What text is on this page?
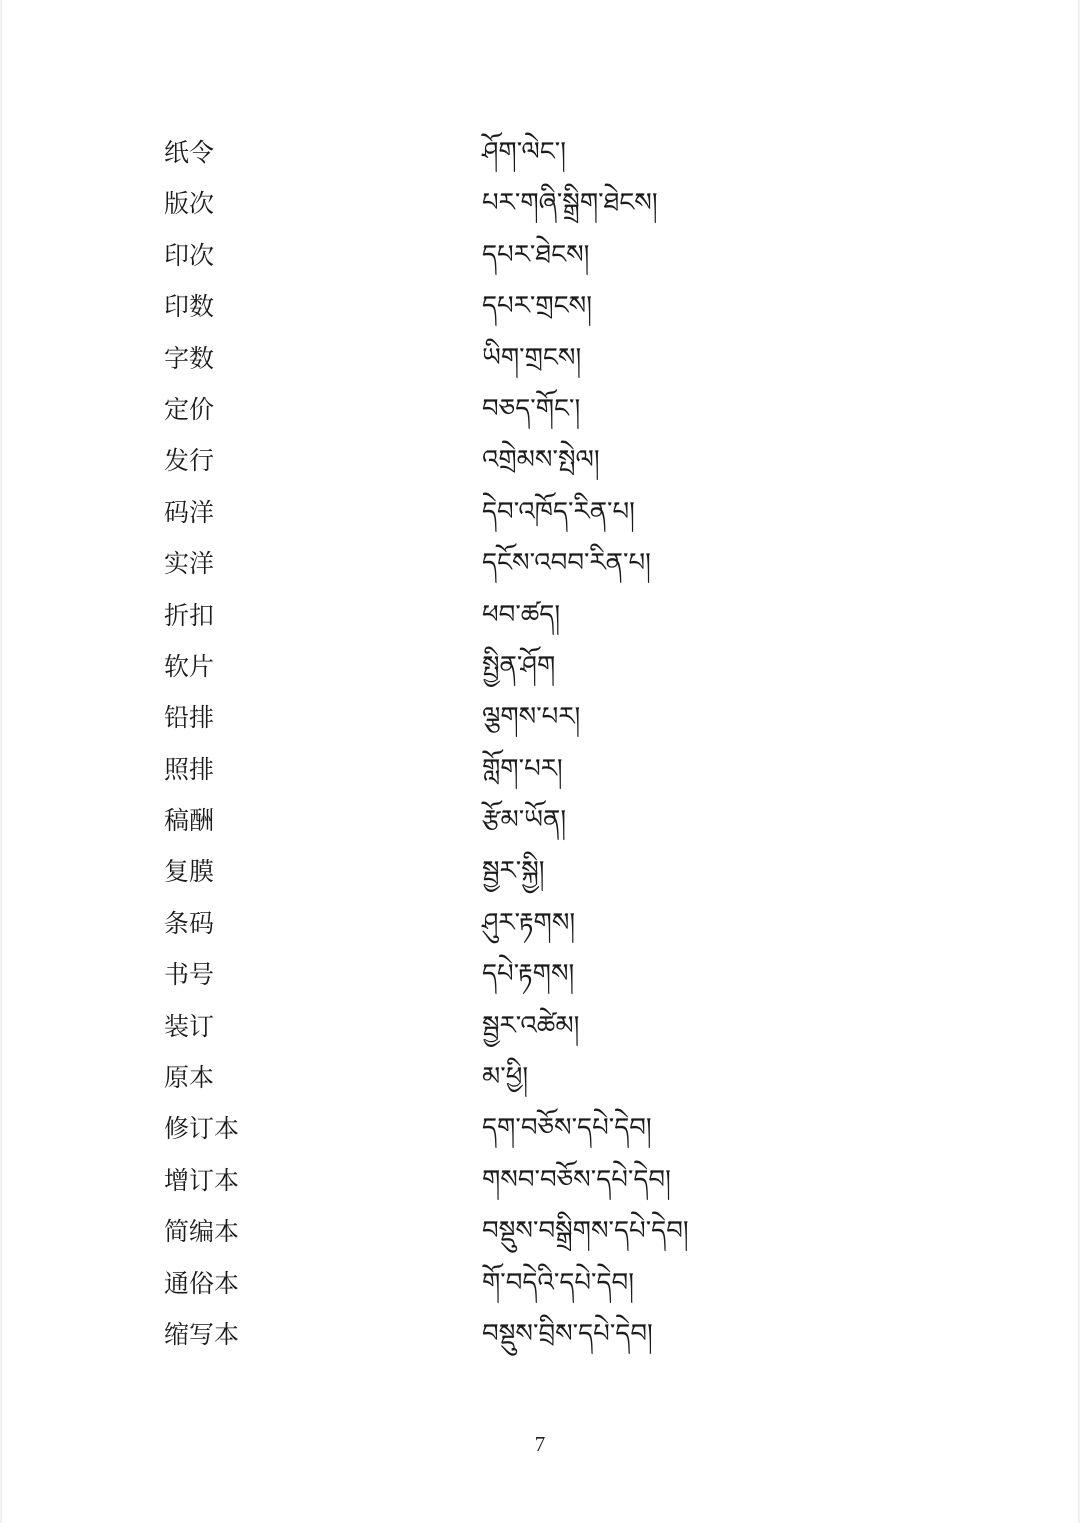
纸令	ཤོག་ལེང་།
版次	པར་གཞི་སྒྲིག་ཐེངས།
印次	དཔར་ཐེངས།
印数	དཔར་གྲངས།
字数	ཡིག་གྲངས།
定价	བཅད་གོང་།
发行	འགྲེམས་སྤེལ།
码洋	དེབ་འཁོད་རིན་པ།
实洋	དངོས་འབབ་རིན་པ།
折扣	ཕབ་ཚད།
软片	སྤྱིན་ཤོག
铅排	ལྕགས་པར།
照排	གློག་པར།
稿酬	རྩོམ་ཡོན།
复膜	སྦྱར་སྐྱི།
条码	ཤུར་རྟགས།
书号	དཔེ་རྟགས།
装订	སྦྱར་འཚེམ།
原本	མ་ཕྱི།
修订本	དག་བཅོས་དཔེ་དེབ།
增订本	གསབ་བཅོས་དཔེ་དེབ།
简编本	བསྡུས་བསྒྲིགས་དཔེ་དེབ།
通俗本	གོ་བདེའི་དཔེ་དེབ།
缩写本	བསྡུས་བྲིས་དཔེ་དེབ།
7
